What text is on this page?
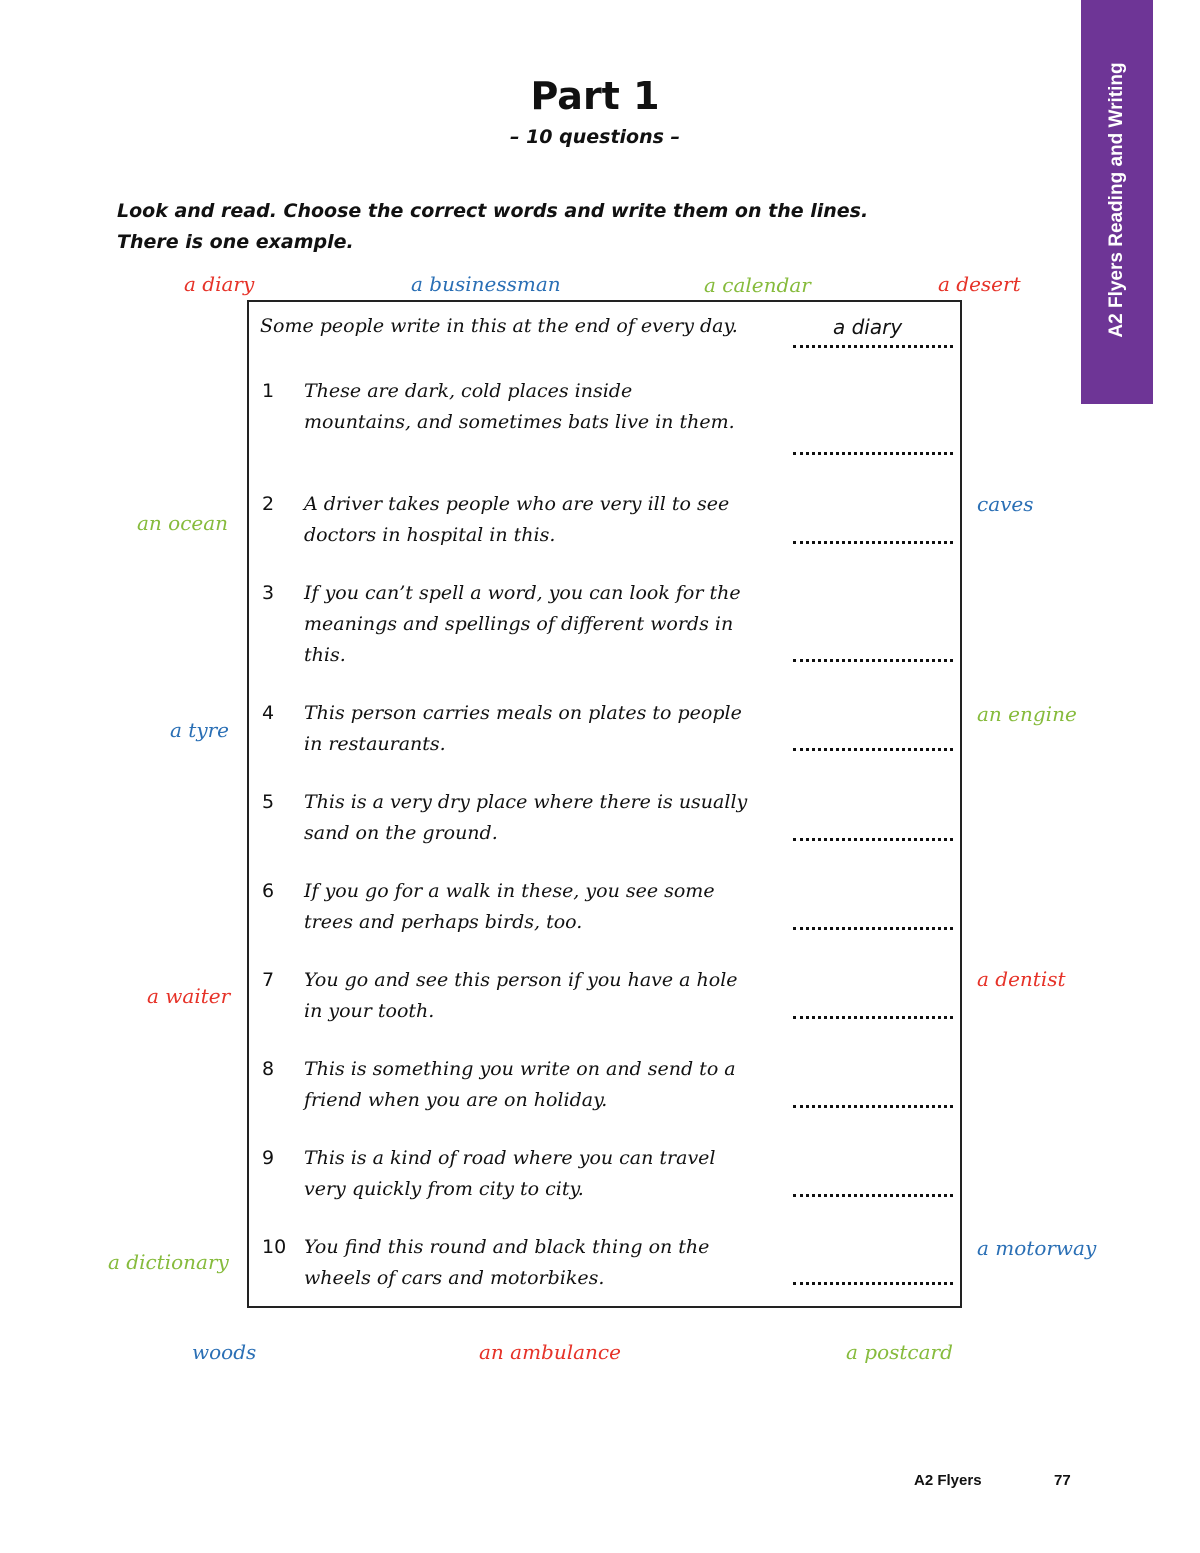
A2 Flyers Reading and Writing
Part 1
– 10 questions –
Look and read. Choose the correct words and write them on the lines.
There is one example.
a diary	a businessman	a calendar	a desert
an ocean
a tyre
a waiter
a dictionary
caves
an engine
a dentist
a motorway
woods	an ambulance	a postcard
Some people write in this at the end of every day.	a diary
1 These are dark, cold places inside
mountains, and sometimes bats live in them.
2 A driver takes people who are very ill to see
doctors in hospital in this.
3 If you can’t spell a word, you can look for the
meanings and spellings of different words in
this.
4 This person carries meals on plates to people
in restaurants.
5 This is a very dry place where there is usually
sand on the ground.
6 If you go for a walk in these, you see some
trees and perhaps birds, too.
7 You go and see this person if you have a hole
in your tooth.
8 This is something you write on and send to a
friend when you are on holiday.
9 This is a kind of road where you can travel
very quickly from city to city.
10 You find this round and black thing on the
wheels of cars and motorbikes.
A2 Flyers	77
